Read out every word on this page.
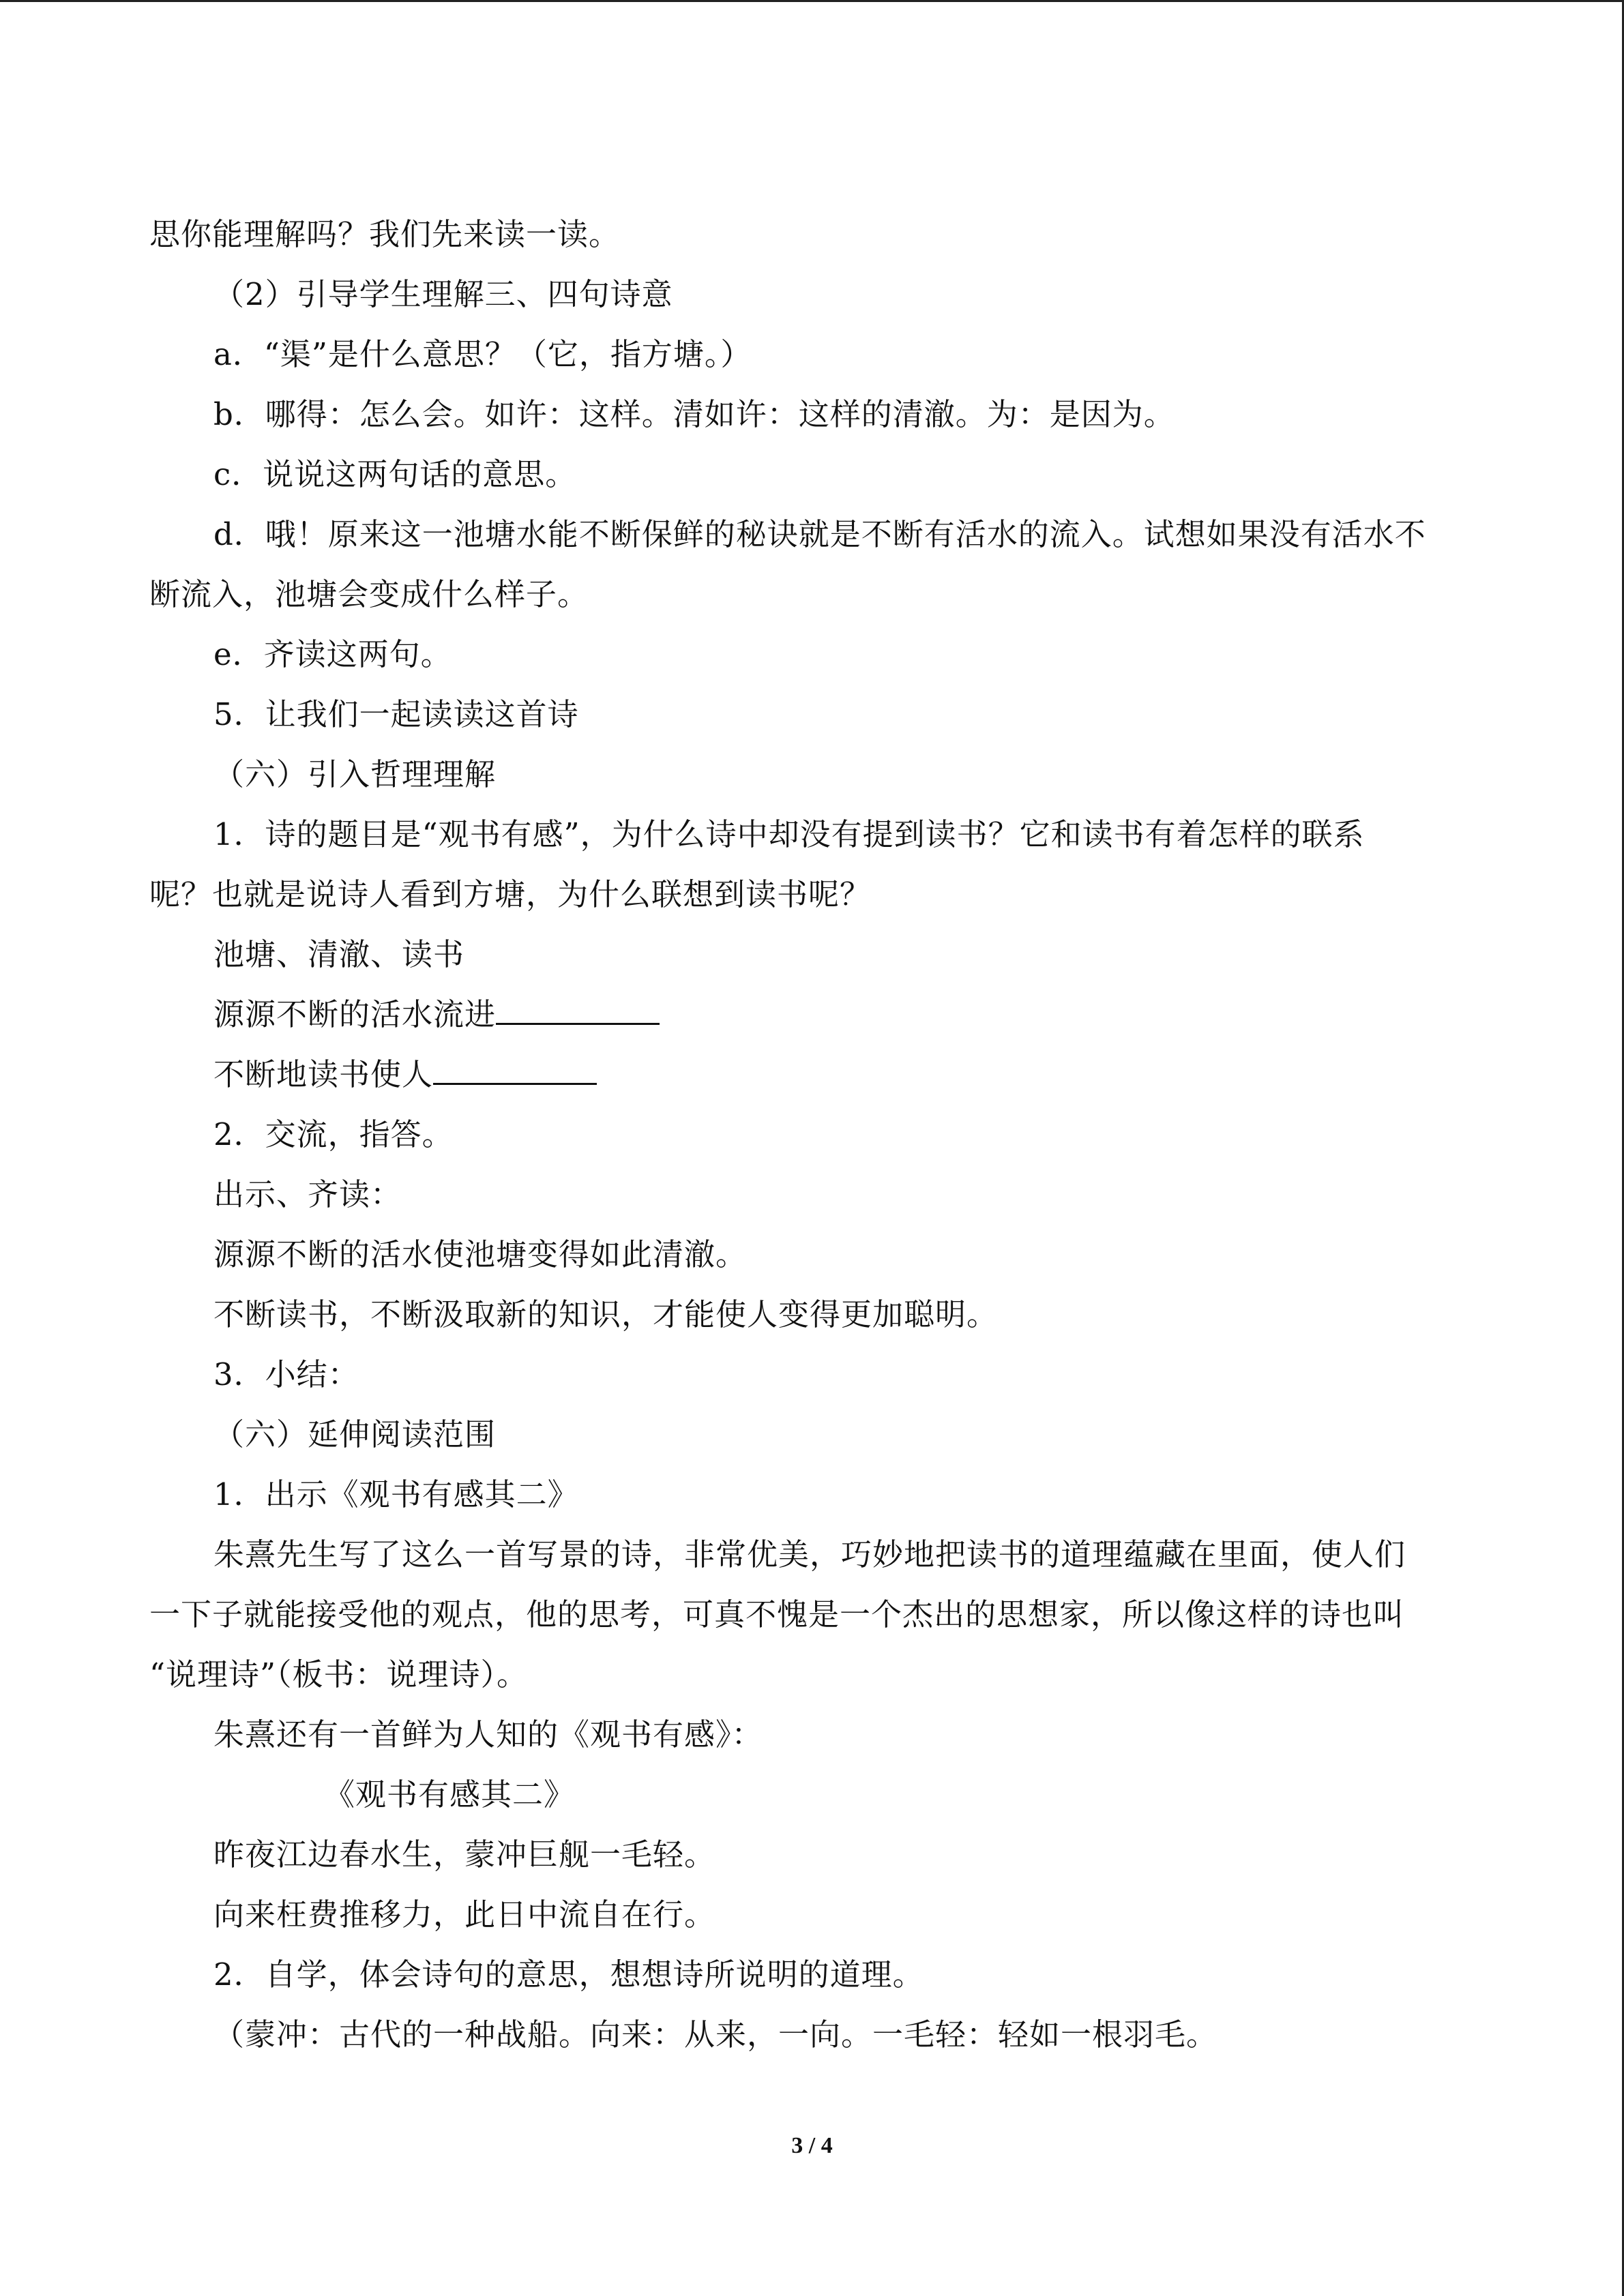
思你能理解吗？我们先来读一读。
（2）引导学生理解三、四句诗意
a．“渠”是什么意思？（它，指方塘。）
b．哪得：怎么会。如许：这样。清如许：这样的清澈。为：是因为。
c．说说这两句话的意思。
d．哦！原来这一池塘水能不断保鲜的秘诀就是不断有活水的流入。试想如果没有活水不
断流入，池塘会变成什么样子。
e．齐读这两句。
5．让我们一起读读这首诗
（六）引入哲理理解
1．诗的题目是“观书有感”，为什么诗中却没有提到读书？它和读书有着怎样的联系
呢？也就是说诗人看到方塘，为什么联想到读书呢？
池塘、清澈、读书
源源不断的活水流进
不断地读书使人
2．交流，指答。
出示、齐读：
源源不断的活水使池塘变得如此清澈。
不断读书，不断汲取新的知识，才能使人变得更加聪明。
3．小结：
（六）延伸阅读范围
1．出示《观书有感其二》
朱熹先生写了这么一首写景的诗，非常优美，巧妙地把读书的道理蕴藏在里面，使人们
一下子就能接受他的观点，他的思考，可真不愧是一个杰出的思想家，所以像这样的诗也叫
“说理诗”（板书：说理诗）。
朱熹还有一首鲜为人知的《观书有感》：
《观书有感其二》
昨夜江边春水生，蒙冲巨舰一毛轻。
向来枉费推移力，此日中流自在行。
2．自学，体会诗句的意思，想想诗所说明的道理。
（蒙冲：古代的一种战船。向来：从来，一向。一毛轻：轻如一根羽毛。
3 / 4
